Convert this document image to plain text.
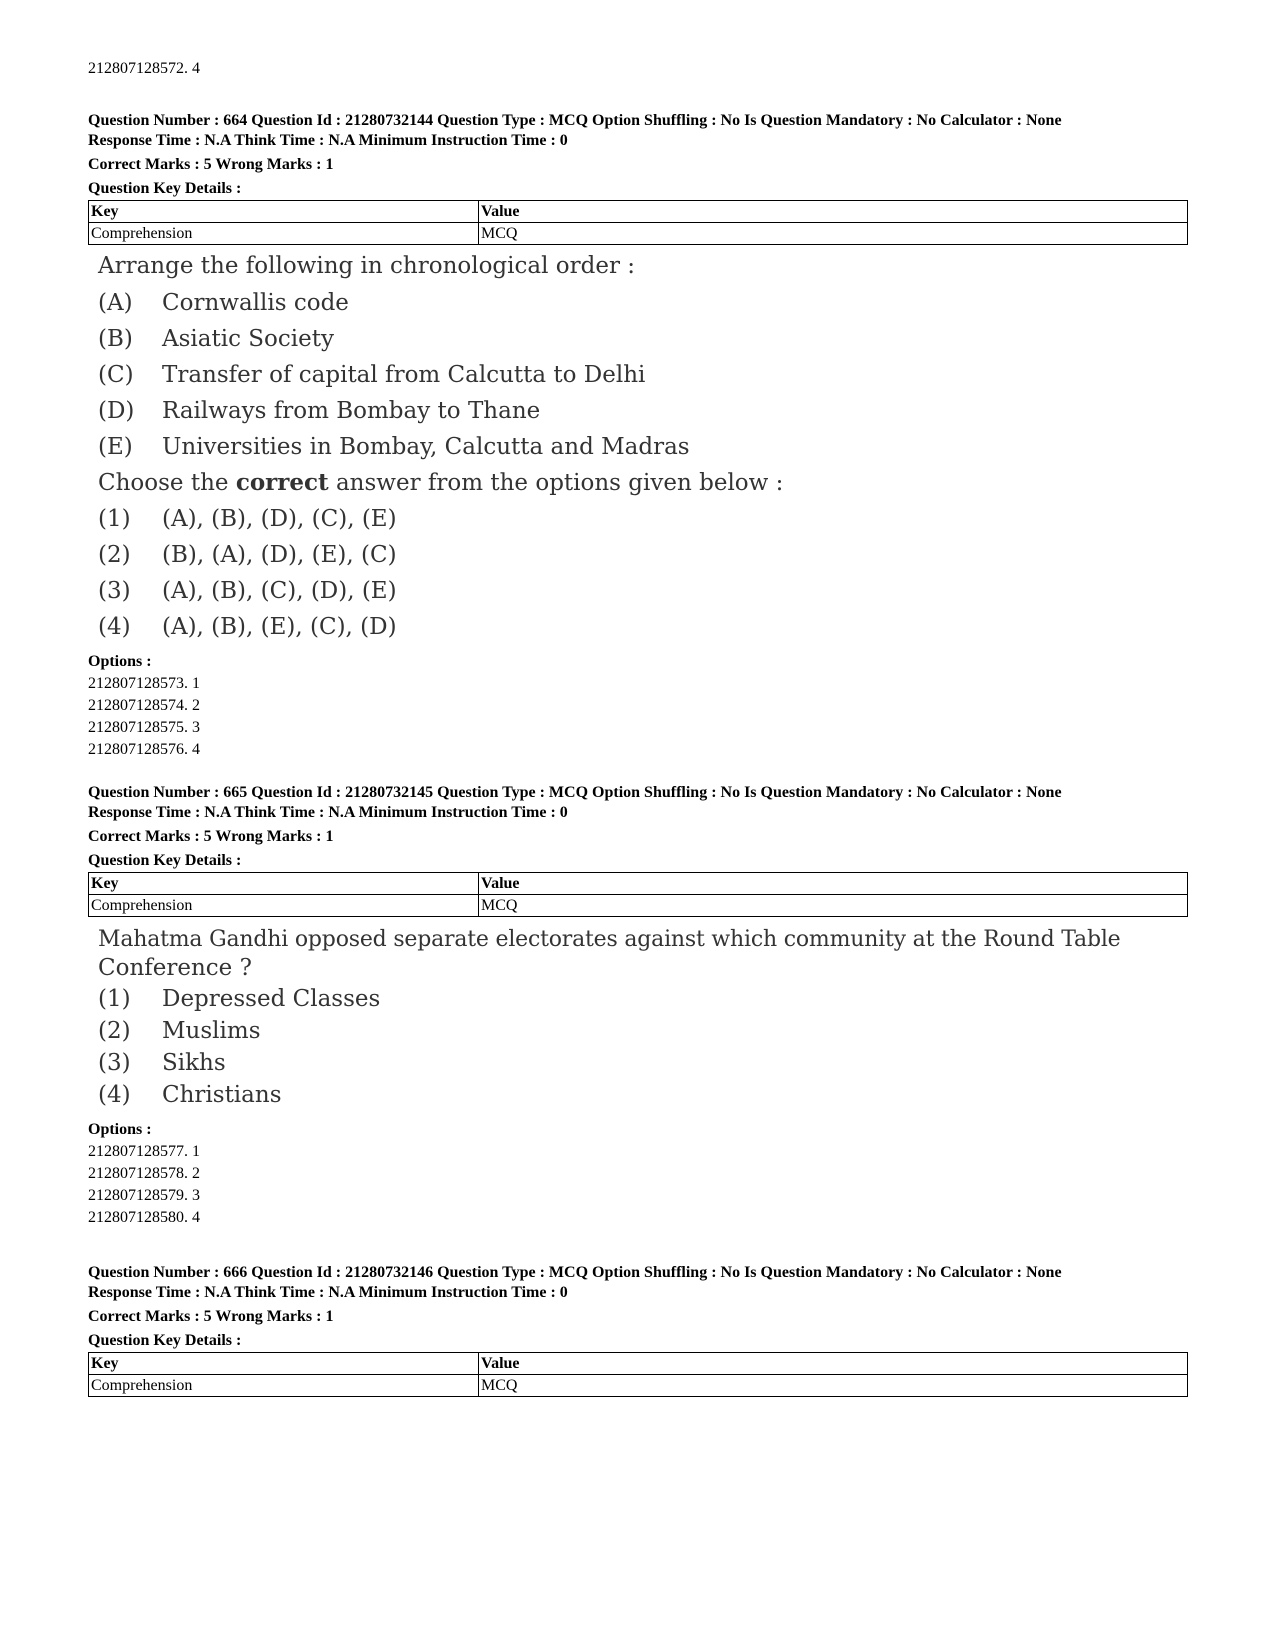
212807128572. 4
Question Number : 664 Question Id : 21280732144 Question Type : MCQ Option Shuffling : No Is Question Mandatory : No Calculator : None
Response Time : N.A Think Time : N.A Minimum Instruction Time : 0
Correct Marks : 5 Wrong Marks : 1
Question Key Details :
Key	Value
Comprehension	MCQ
Arrange the following in chronological order :
(A)	Cornwallis code
(B)	Asiatic Society
(C)	Transfer of capital from Calcutta to Delhi
(D)	Railways from Bombay to Thane
(E)	Universities in Bombay, Calcutta and Madras
Choose the correct answer from the options given below :
(1)	(A), (B), (D), (C), (E)
(2)	(B), (A), (D), (E), (C)
(3)	(A), (B), (C), (D), (E)
(4)	(A), (B), (E), (C), (D)
Options :
212807128573. 1
212807128574. 2
212807128575. 3
212807128576. 4
Question Number : 665 Question Id : 21280732145 Question Type : MCQ Option Shuffling : No Is Question Mandatory : No Calculator : None
Response Time : N.A Think Time : N.A Minimum Instruction Time : 0
Correct Marks : 5 Wrong Marks : 1
Question Key Details :
Key	Value
Comprehension	MCQ
Mahatma Gandhi opposed separate electorates against which community at the Round Table
Conference ?
(1)	Depressed Classes
(2)	Muslims
(3)	Sikhs
(4)	Christians
Options :
212807128577. 1
212807128578. 2
212807128579. 3
212807128580. 4
Question Number : 666 Question Id : 21280732146 Question Type : MCQ Option Shuffling : No Is Question Mandatory : No Calculator : None
Response Time : N.A Think Time : N.A Minimum Instruction Time : 0
Correct Marks : 5 Wrong Marks : 1
Question Key Details :
Key	Value
Comprehension	MCQ
